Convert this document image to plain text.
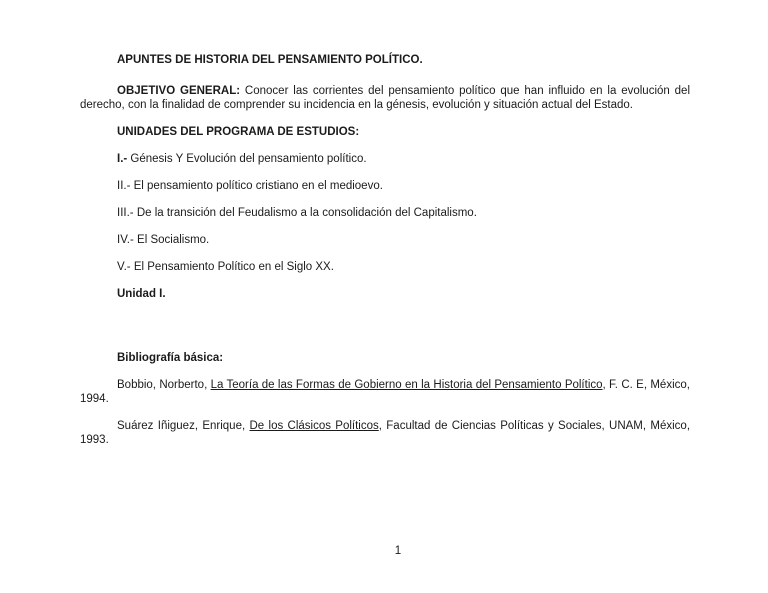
APUNTES DE HISTORIA DEL PENSAMIENTO POLÍTICO.

OBJETIVO GENERAL: Conocer las corrientes del pensamiento político que han influido en la evolución del derecho, con la finalidad de comprender su incidencia en la génesis, evolución y situación actual del Estado.

UNIDADES DEL PROGRAMA DE ESTUDIOS:

I.- Génesis Y Evolución del pensamiento político.

II.- El pensamiento político cristiano en el medioevo.

III.- De la transición del Feudalismo a la consolidación del Capitalismo.

IV.- El Socialismo.

V.- El Pensamiento Político en el Siglo XX.

Unidad I.

Bibliografía básica:

Bobbio, Norberto, La Teoría de las Formas de Gobierno en la Historia del Pensamiento Político, F. C. E, México, 1994.

Suárez Iñiguez, Enrique, De los Clásicos Políticos, Facultad de Ciencias Políticas y Sociales, UNAM, México, 1993.

1
